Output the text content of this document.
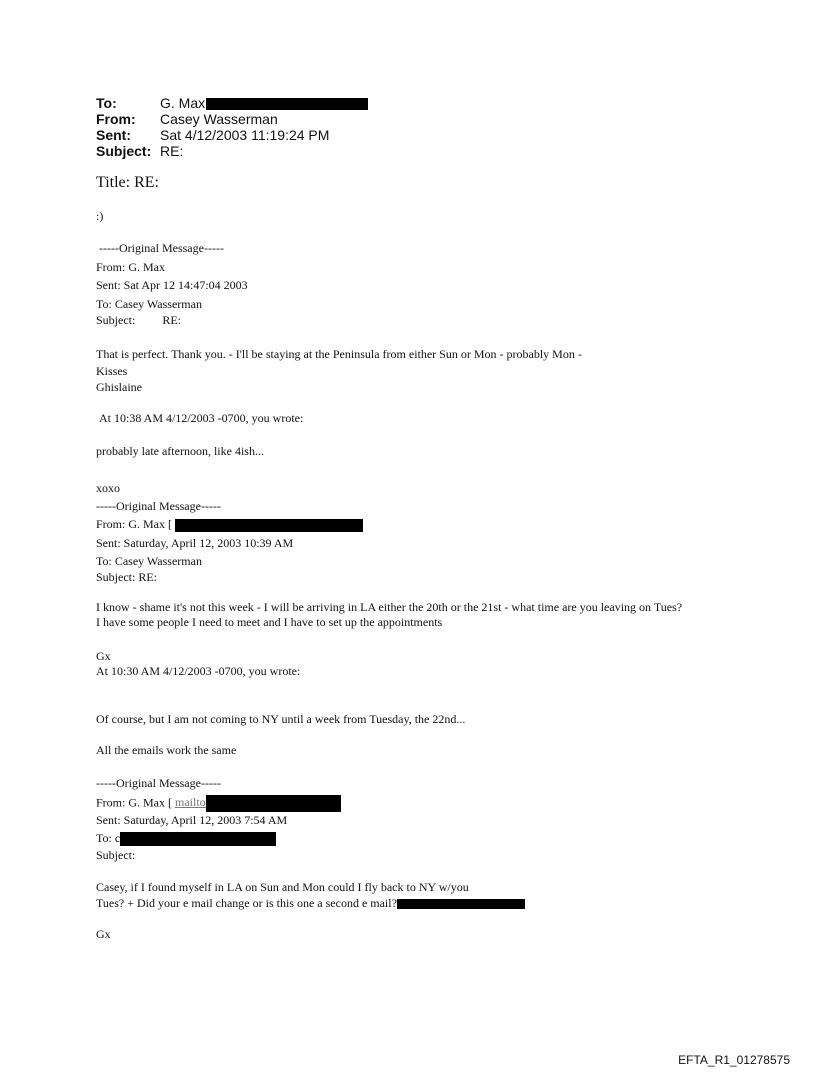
To:	G. Max
From:	Casey Wasserman
Sent:	Sat 4/12/2003 11:19:24 PM
Subject: RE:
Title: RE:
:)
-----Original Message-----
From: G. Max
Sent: Sat Apr 12 14:47:04 2003
To: Casey Wasserman
Subject: RE:
That is perfect. Thank you. - I'll be staying at the Peninsula from either Sun or Mon - probably Mon -
Kisses
Ghislaine
At 10:38 AM 4/12/2003 -0700, you wrote:
probably late afternoon, like 4ish...
xoxo
-----Original Message-----
From: G. Max [
Sent: Saturday, April 12, 2003 10:39 AM
To: Casey Wasserman
Subject: RE:
I know - shame it's not this week - I will be arriving in LA either the 20th or the 21st - what time are you leaving on Tues?
I have some people I need to meet and I have to set up the appointments
Gx
At 10:30 AM 4/12/2003 -0700, you wrote:
Of course, but I am not coming to NY until a week from Tuesday, the 22nd...
All the emails work the same
-----Original Message-----
From: G. Max [ mailto
Sent: Saturday, April 12, 2003 7:54 AM
To: c
Subject:
Casey, if I found myself in LA on Sun and Mon could I fly back to NY w/you
Tues? + Did your e mail change or is this one a second e mail?
Gx
EFTA_R1_01278575
